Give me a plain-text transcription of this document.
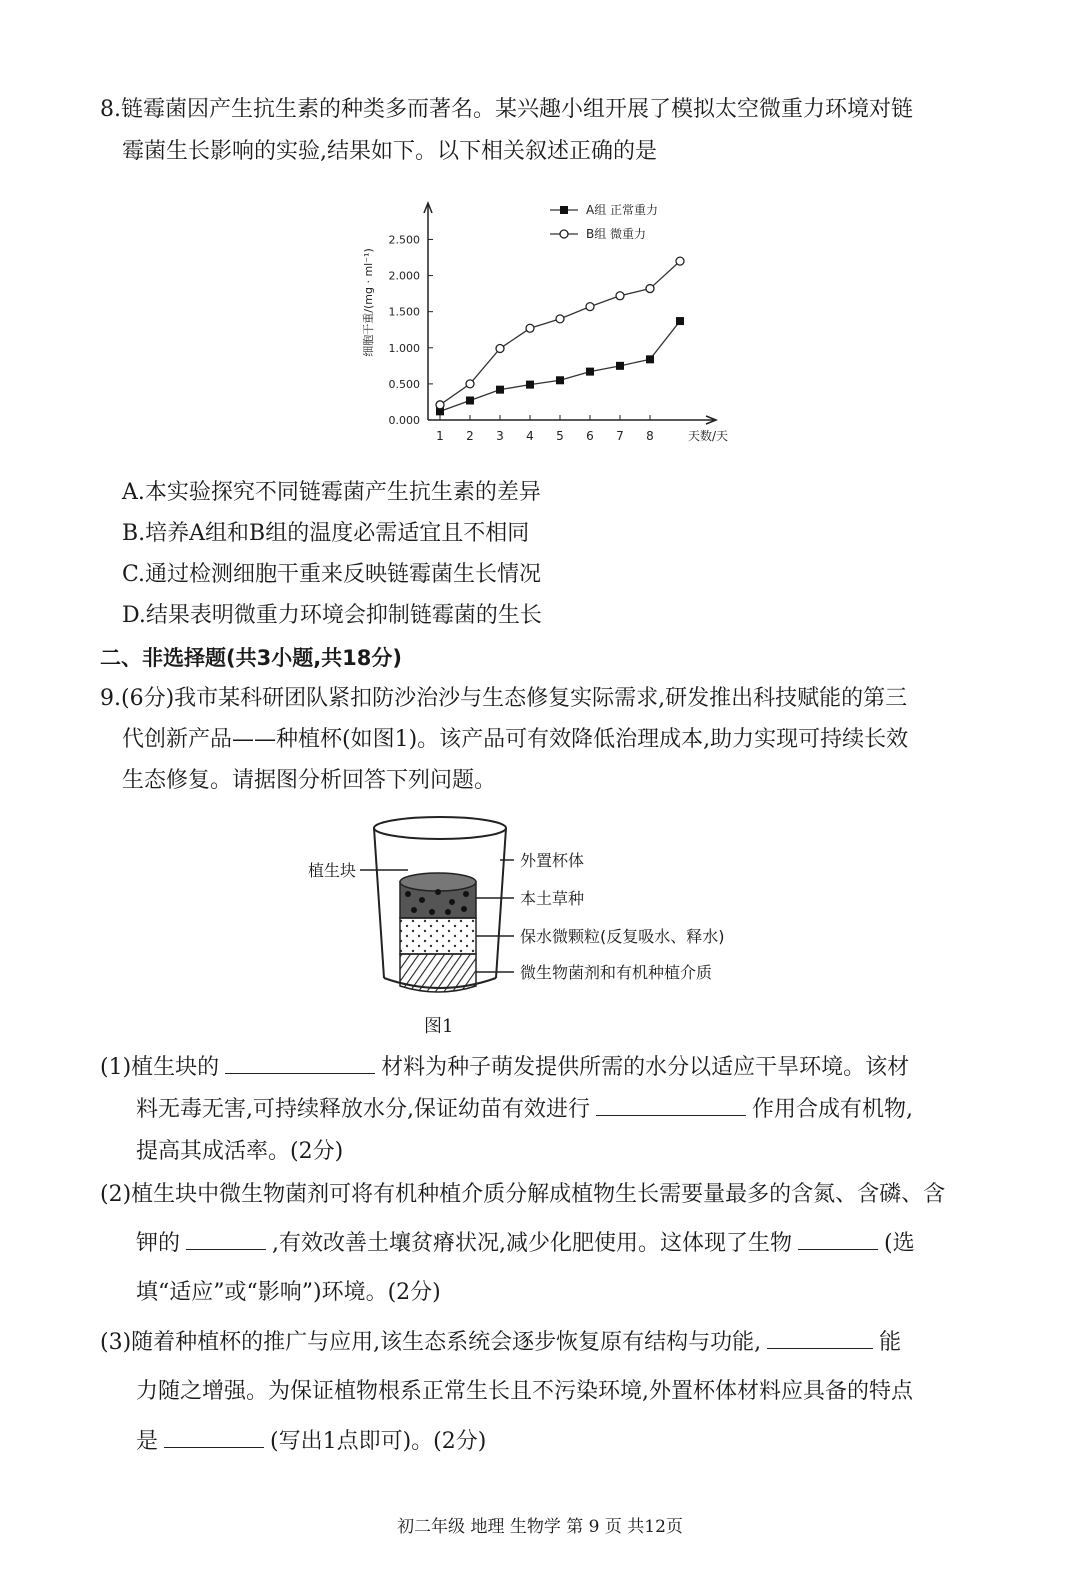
8.链霉菌因产生抗生素的种类多而著名。某兴趣小组开展了模拟太空微重力环境对链
霉菌生长影响的实验,结果如下。以下相关叙述正确的是
0.000
0.500
1.000
1.500
2.000
2.500
1 2 3 4 5 6 7 8	天数/天
细胞干重/(mg · ml⁻¹)
A组 正常重力
B组 微重力
A.本实验探究不同链霉菌产生抗生素的差异
B.培养A组和B组的温度必需适宜且不相同
C.通过检测细胞干重来反映链霉菌生长情况
D.结果表明微重力环境会抑制链霉菌的生长
二、非选择题(共3小题,共18分)
9.(6分)我市某科研团队紧扣防沙治沙与生态修复实际需求,研发推出科技赋能的第三
代创新产品——种植杯(如图1)。该产品可有效降低治理成本,助力实现可持续长效
生态修复。请据图分析回答下列问题。
植生块
外置杯体
本土草种
保水微颗粒(反复吸水、释水)
微生物菌剂和有机种植介质
图1
(1)植生块的	材料为种子萌发提供所需的水分以适应干旱环境。该材
料无毒无害,可持续释放水分,保证幼苗有效进行	作用合成有机物,
提高其成活率。(2分)
(2)植生块中微生物菌剂可将有机种植介质分解成植物生长需要量最多的含氮、含磷、含
钾的	,有效改善土壤贫瘠状况,减少化肥使用。这体现了生物	(选
填“适应”或“影响”)环境。(2分)
(3)随着种植杯的推广与应用,该生态系统会逐步恢复原有结构与功能,	能
力随之增强。为保证植物根系正常生长且不污染环境,外置杯体材料应具备的特点
是	(写出1点即可)。(2分)
初二年级 地理 生物学 第 9 页 共12页
